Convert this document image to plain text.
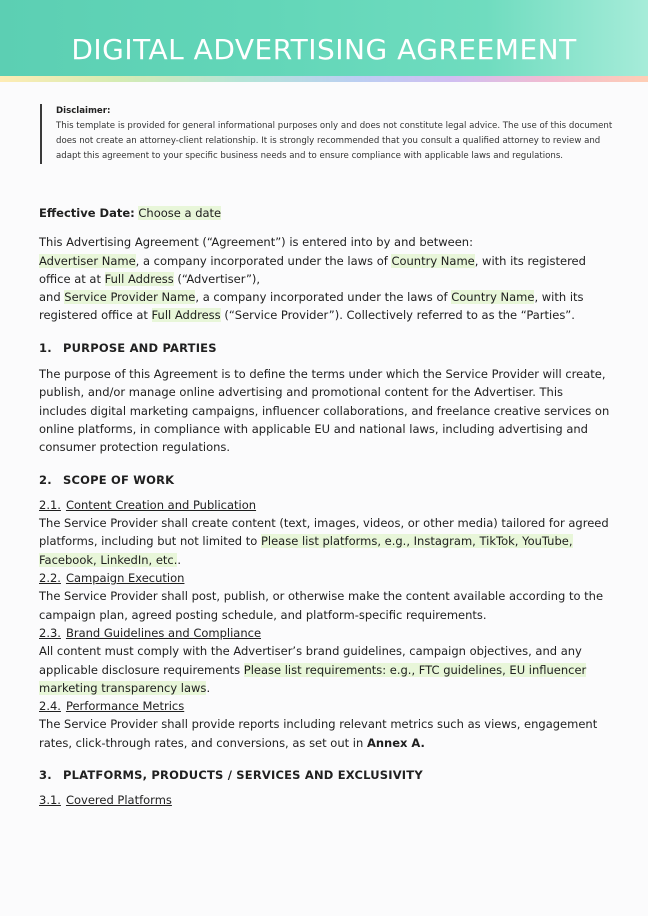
DIGITAL ADVERTISING AGREEMENT
Disclaimer:
This template is provided for general informational purposes only and does not constitute legal advice. The use of this document does not create an attorney-client relationship. It is strongly recommended that you consult a qualified attorney to review and adapt this agreement to your specific business needs and to ensure compliance with applicable laws and regulations.

Effective Date: Choose a date

This Advertising Agreement (“Agreement”) is entered into by and between:
Advertiser Name, a company incorporated under the laws of Country Name, with its registered office at at Full Address (“Advertiser”),
and Service Provider Name, a company incorporated under the laws of Country Name, with its registered office at Full Address (“Service Provider”). Collectively referred to as the “Parties”.

1. PURPOSE AND PARTIES

The purpose of this Agreement is to define the terms under which the Service Provider will create, publish, and/or manage online advertising and promotional content for the Advertiser. This includes digital marketing campaigns, influencer collaborations, and freelance creative services on online platforms, in compliance with applicable EU and national laws, including advertising and consumer protection regulations.

2. SCOPE OF WORK

2.1. Content Creation and Publication

The Service Provider shall create content (text, images, videos, or other media) tailored for agreed platforms, including but not limited to Please list platforms, e.g., Instagram, TikTok, YouTube, Facebook, LinkedIn, etc..

2.2. Campaign Execution

The Service Provider shall post, publish, or otherwise make the content available according to the campaign plan, agreed posting schedule, and platform-specific requirements.

2.3. Brand Guidelines and Compliance

All content must comply with the Advertiser’s brand guidelines, campaign objectives, and any applicable disclosure requirements Please list requirements: e.g., FTC guidelines, EU influencer marketing transparency laws.

2.4. Performance Metrics

The Service Provider shall provide reports including relevant metrics such as views, engagement rates, click-through rates, and conversions, as set out in Annex A.

3. PLATFORMS, PRODUCTS / SERVICES AND EXCLUSIVITY

3.1. Covered Platforms
